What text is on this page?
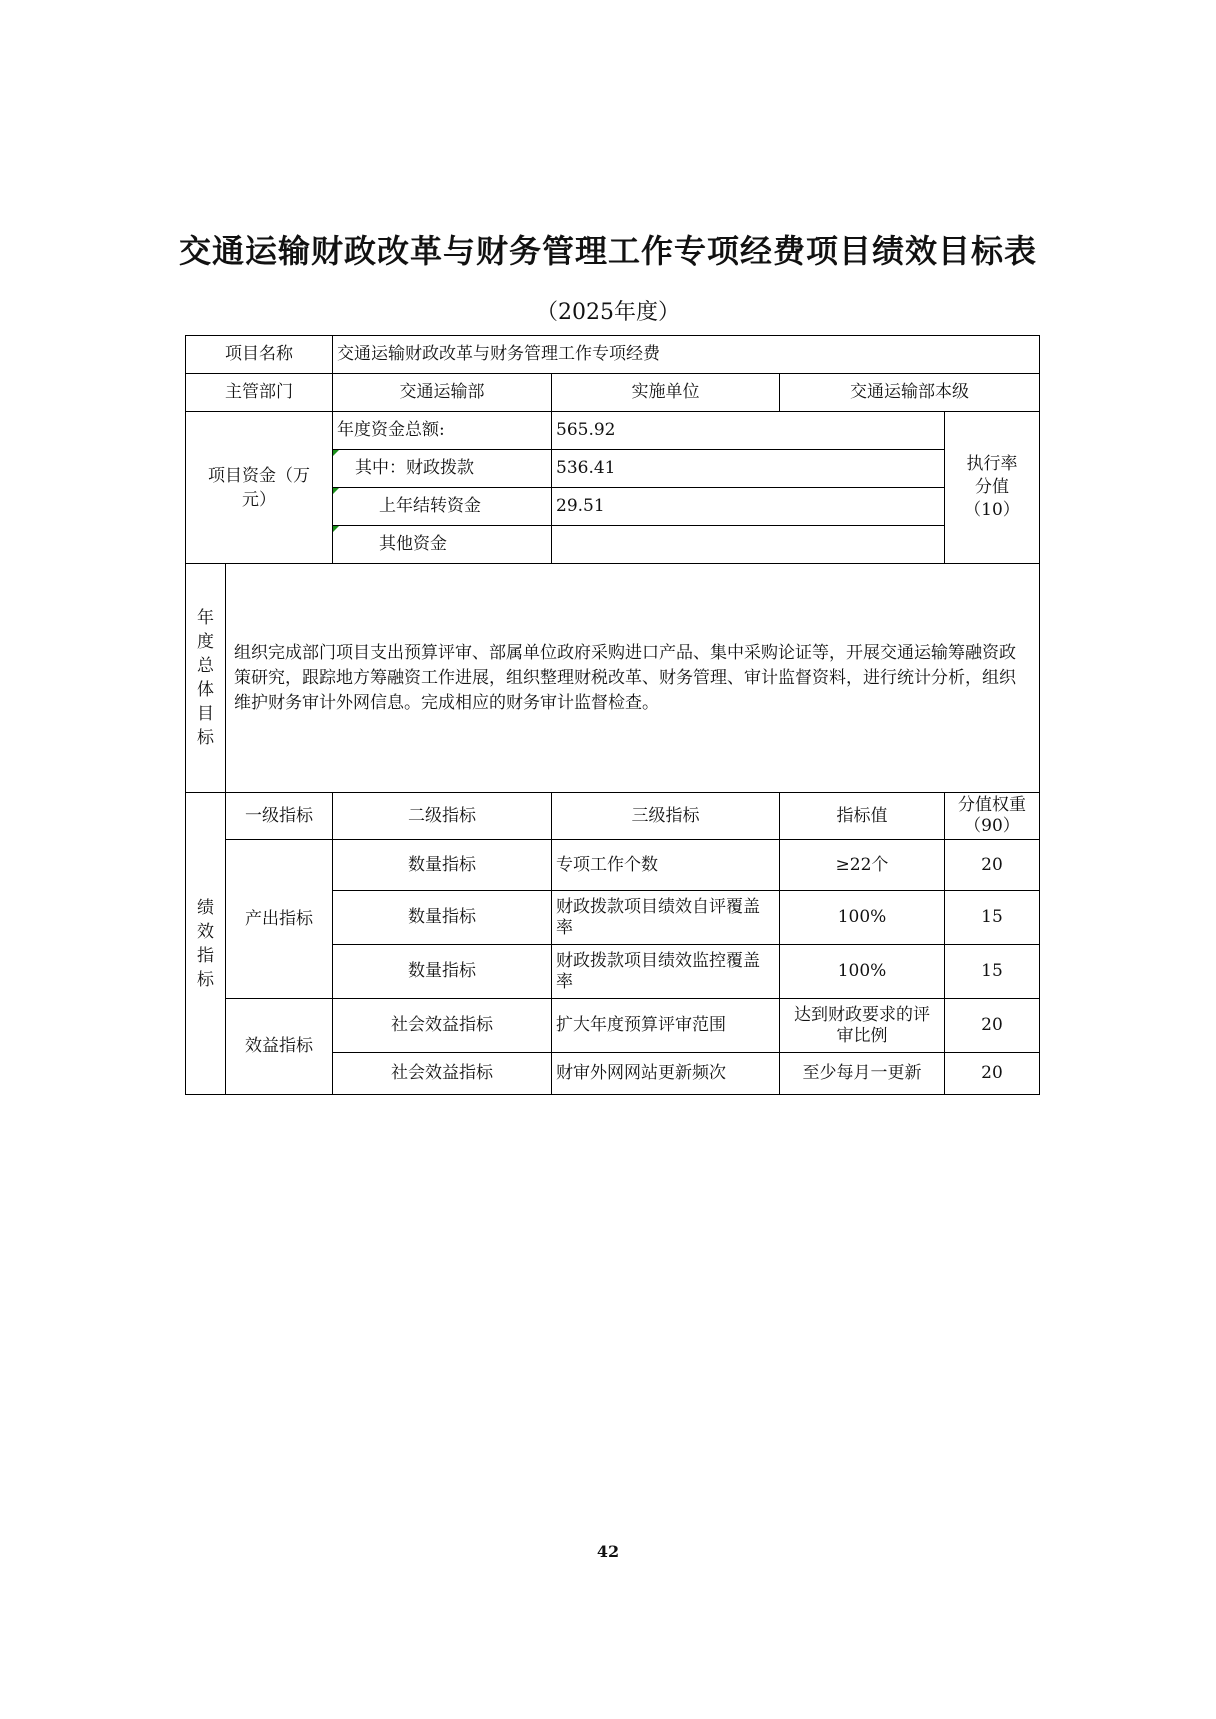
交通运输财政改革与财务管理工作专项经费项目绩效目标表
（2025年度）
项目名称		交通运输财政改革与财务管理工作专项经费			
主管部门		交通运输部	实施单位	交通运输部本级	

项目资金（万元）		年度资金总额:	565.92		执行率分值（10）

		其中：财政拨款	536.41		
		上年结转资金	29.51		
		其他资金			

年度总体目标	组织完成部门项目支出预算评审、部属单位政府采购进口产品、集中采购论证等，开展交通运输筹融资政策研究，跟踪地方筹融资工作进展，组织整理财税改革、财务管理、审计监督资料，进行统计分析，组织维护财务审计外网信息。完成相应的财务审计监督检查。				

绩效指标	一级指标	二级指标	三级指标	指标值	分值权重（90）

	产出指标	数量指标	专项工作个数	≥22个	20
		数量指标	财政拨款项目绩效自评覆盖率	100%	15
		数量指标	财政拨款项目绩效监控覆盖率	100%	15
	效益指标	社会效益指标	扩大年度预算评审范围	达到财政要求的评审比例	20
		社会效益指标	财审外网网站更新频次	至少每月一更新	20
42
